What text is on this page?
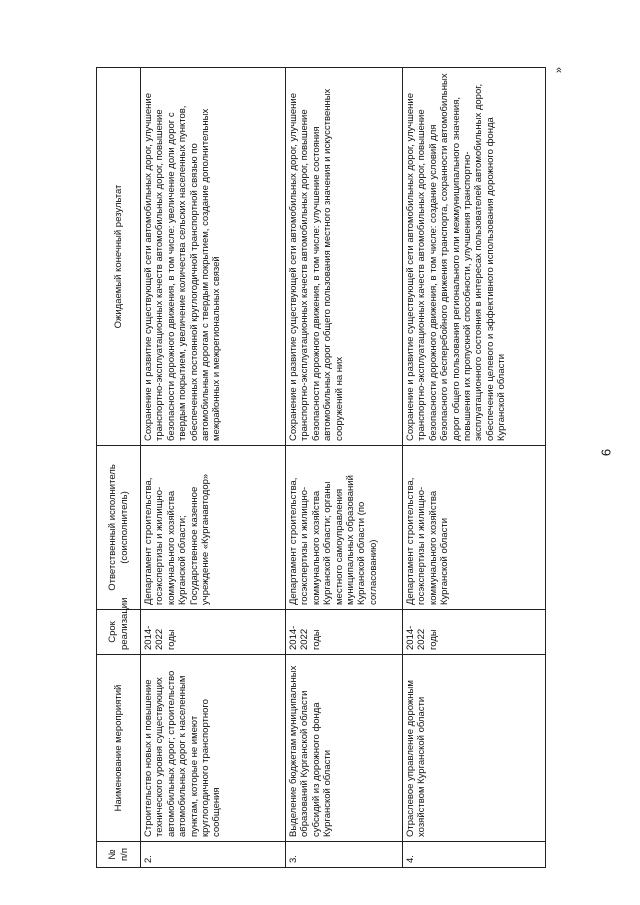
6
»
№ п/п	Наименование мероприятий	Срок реализации	Ответственный исполнитель (соисполнитель)	Ожидаемый конечный результат
2.	Строительство новых и повышение технического уровня существующих автомобильных дорог; строительство автомобильных дорог к населенным пунктам, которые не имеют круглогодичного транспортного сообщения	2014-2022 годы	Департамент строительства, госэкспертизы и жилищно-коммунального хозяйства Курганской области; Государственное казенное учреждение «Курганавтодор»	Сохранение и развитие существующей сети автомобильных дорог, улучшение транспортно-эксплуатационных качеств автомобильных дорог, повышение безопасности дорожного движения, в том числе: увеличение доли дорог с твердым покрытием, увеличение количества сельских населенных пунктов, обеспеченных постоянной круглогодичной транспортной связью по автомобильным дорогам с твердым покрытием, создание дополнительных межрайонных и межрегиональных связей
3.	Выделение бюджетам муниципальных образований Курганской области субсидий из дорожного фонда Курганской области	2014-2022 годы	Департамент строительства, госэкспертизы и жилищно-коммунального хозяйства Курганской области; органы местного самоуправления муниципальных образований Курганской области (по согласованию)	Сохранение и развитие существующей сети автомобильных дорог, улучшение транспортно-эксплуатационных качеств автомобильных дорог, повышение безопасности дорожного движения, в том числе: улучшение состояния автомобильных дорог общего пользования местного значения и искусственных сооружений на них
4.	Отраслевое управление дорожным хозяйством Курганской области	2014-2022 годы	Департамент строительства, госэкспертизы и жилищно-коммунального хозяйства Курганской области	Сохранение и развитие существующей сети автомобильных дорог, улучшение транспортно-эксплуатационных качеств автомобильных дорог, повышение безопасности дорожного движения, в том числе: создание условий для безопасного и бесперебойного движения транспорта, сохранности автомобильных дорог общего пользования регионального или межмуниципального значения, повышения их пропускной способности, улучшения транспортно-эксплуатационного состояния в интересах пользователей автомобильных дорог, обеспечение целевого и эффективного использования дорожного фонда Курганской области
